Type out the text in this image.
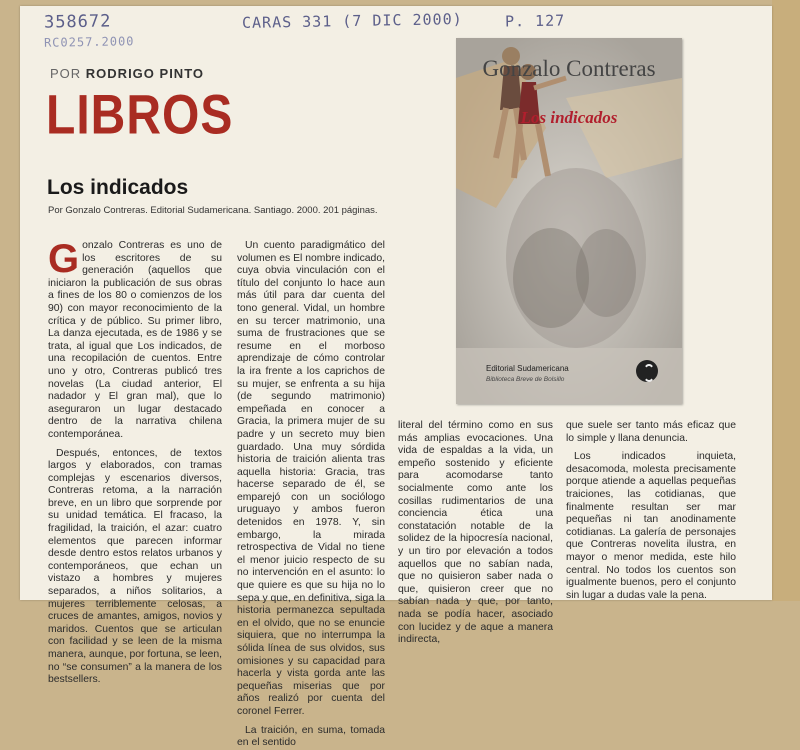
358672
RC0257.2000
CARAS 331 (7 DIC 2000)	P. 127
POR RODRIGO PINTO
LIBROS
Los indicados
Por Gonzalo Contreras. Editorial Sudamericana. Santiago. 2000. 201 páginas.

Gonzalo Contreras es uno de los escritores de su generación (aquellos que iniciaron la publicación de sus obras a fines de los 80 o comienzos de los 90) con mayor reconocimiento de la crítica y de público. Su primer libro, La danza ejecutada, es de 1986 y se trata, al igual que Los indicados, de una recopilación de cuentos. Entre uno y otro, Contreras publicó tres novelas (La ciudad anterior, El nadador y El gran mal), que lo aseguraron un lugar destacado dentro de la narrativa chilena contemporánea.

Después, entonces, de textos largos y elaborados, con tramas complejas y escenarios diversos, Contreras retoma, a la narración breve, en un libro que sorprende por su unidad temática. El fracaso, la fragilidad, la traición, el azar: cuatro elementos que parecen informar desde dentro estos relatos urbanos y contemporáneos, que echan un vistazo a hombres y mujeres separados, a niños solitarios, a mujeres terriblemente celosas, a cruces de amantes, amigos, novios y maridos. Cuentos que se articulan con facilidad y se leen de la misma manera, aunque, por fortuna, se leen, no “se consumen” a la manera de los bestsellers.

Un cuento paradigmático del volumen es El nombre indicado, cuya obvia vinculación con el título del conjunto lo hace aun más útil para dar cuenta del tono general. Vidal, un hombre en su tercer matrimonio, una suma de frustraciones que se resume en el morboso aprendizaje de cómo controlar la ira frente a los caprichos de su mujer, se enfrenta a su hija (de segundo matrimonio) empeñada en conocer a Gracia, la primera mujer de su padre y un secreto muy bien guardado. Una muy sórdida historia de traición alienta tras aquella historia: Gracia, tras hacerse separado de él, se emparejó con un sociólogo uruguayo y ambos fueron detenidos en 1978. Y, sin embargo, la mirada retrospectiva de Vidal no tiene el menor juicio respecto de su no intervención en el asunto: lo que quiere es que su hija no lo sepa y que, en definitiva, siga la historia permanezca sepultada en el olvido, que no se enuncie siquiera, que no interrumpa la sólida línea de sus olvidos, sus omisiones y su capacidad para hacerla y vista gorda ante las pequeñas miserias que por años realizó por cuenta del coronel Ferrer.

La traición, en suma, tomada en el sentido

literal del término como en sus más amplias evocaciones. Una vida de espaldas a la vida, un empeño sostenido y eficiente para acomodarse tanto socialmente como ante los cosillas rudimentarios de una conciencia ética una constatación notable de la solidez de la hipocresía nacional, y un tiro por elevación a todos aquellos que no sabían nada, que no quisieron saber nada o que, quisieron creer que no sabían nada y que, por tanto, nada se podía hacer, asociado con lucidez y de aque a manera indirecta,

que suele ser tanto más eficaz que lo simple y llana denuncia.

Los indicados inquieta, desacomoda, molesta precisamente porque atiende a aquellas pequeñas traiciones, las cotidianas, que finalmente resultan ser mar pequeñas ni tan anodinamente cotidianas. La galería de personajes que Contreras novelita ilustra, en mayor o menor medida, este hilo central. No todos los cuentos son igualmente buenos, pero el conjunto sin lugar a dudas vale la pena.

Gonzalo Contreras
Los indicados
Editorial Sudamericana
Biblioteca Breve de Bolsillo
